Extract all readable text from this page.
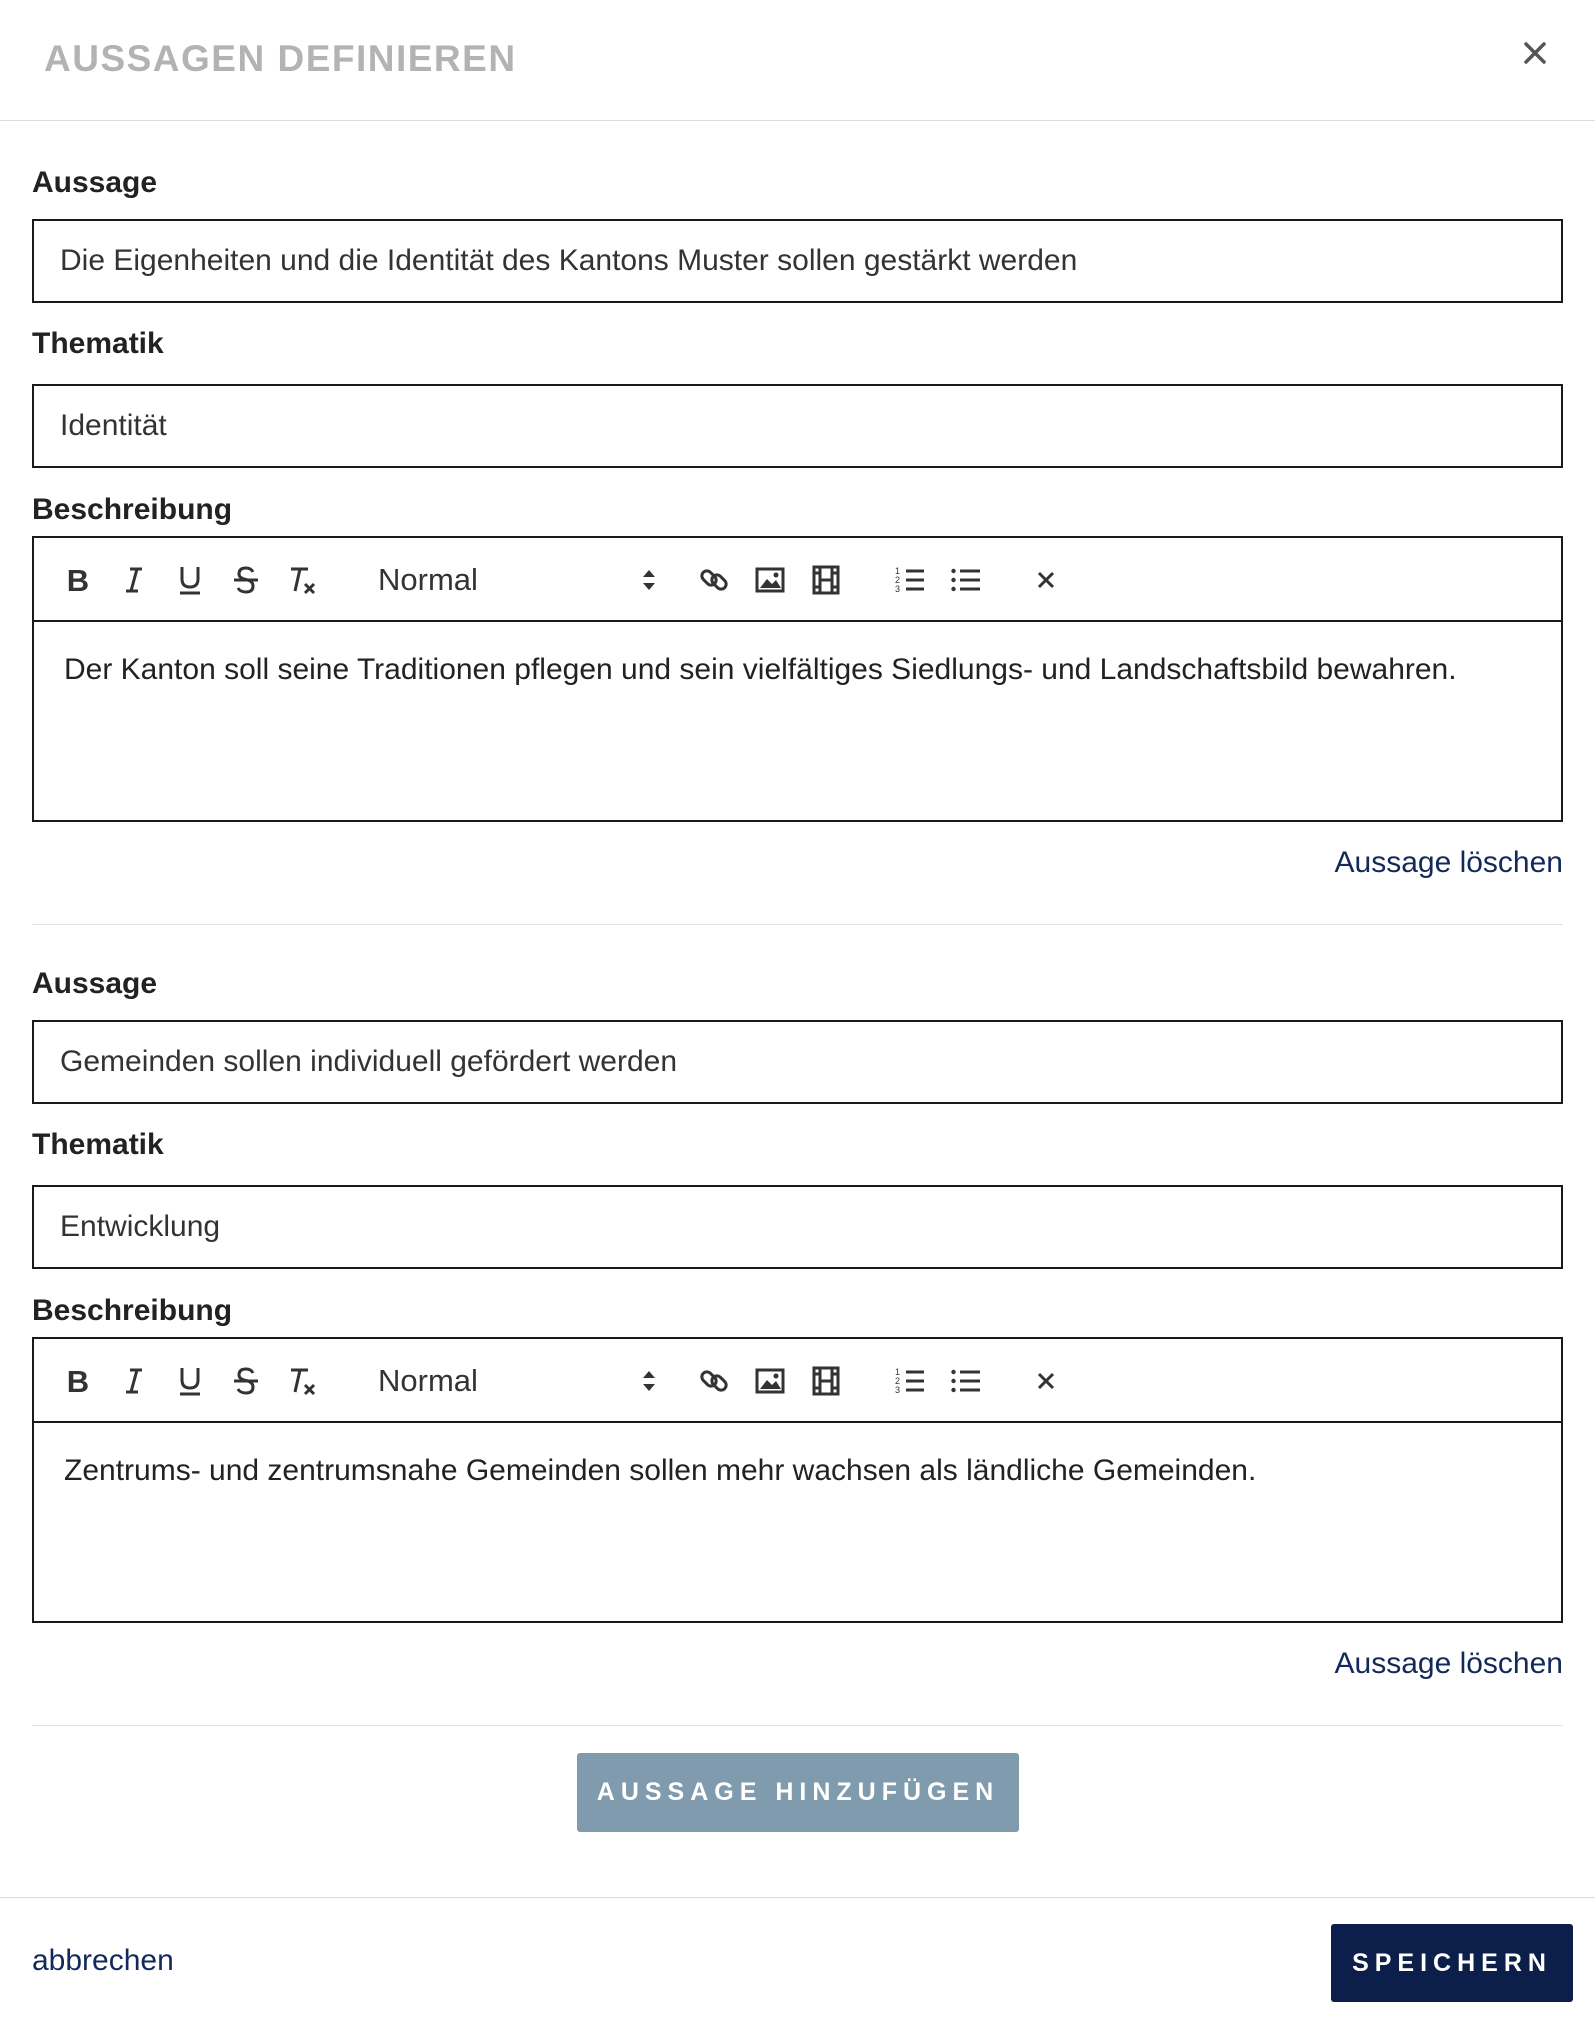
AUSSAGEN DEFINIEREN
Aussage
Die Eigenheiten und die Identität des Kantons Muster sollen gestärkt werden
Thematik
Identität
Beschreibung
B	Normal	1
2
3
Der Kanton soll seine Traditionen pflegen und sein vielfältiges Siedlungs- und Landschaftsbild bewahren.
Aussage löschen
Aussage
Gemeinden sollen individuell gefördert werden
Thematik
Entwicklung
Beschreibung
B	Normal	1
2
3
Zentrums- und zentrumsnahe Gemeinden sollen mehr wachsen als ländliche Gemeinden.
Aussage löschen
AUSSAGE HINZUFÜGEN
abbrechen	SPEICHERN
